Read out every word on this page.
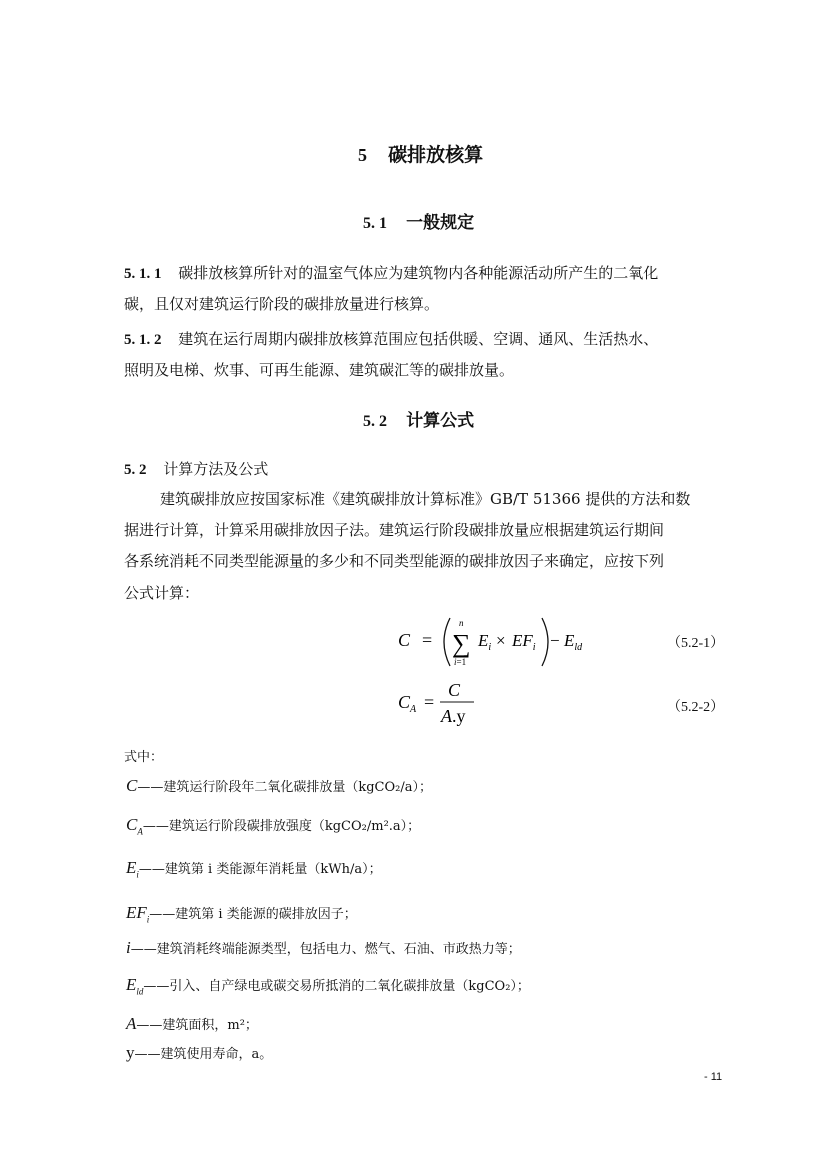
5 碳排放核算
5. 1 一般规定
5. 1. 1 碳排放核算所针对的温室气体应为建筑物内各种能源活动所产生的二氧化
碳，且仅对建筑运行阶段的碳排放量进行核算。
5. 1. 2 建筑在运行周期内碳排放核算范围应包括供暖、空调、通风、生活热水、
照明及电梯、炊事、可再生能源、建筑碳汇等的碳排放量。
5. 2 计算公式
5. 2 计算方法及公式
建筑碳排放应按国家标准《建筑碳排放计算标准》GB/T 51366 提供的方法和数
据进行计算，计算采用碳排放因子法。建筑运行阶段碳排放量应根据建筑运行期间
各系统消耗不同类型能源量的多少和不同类型能源的碳排放因子来确定，应按下列
公式计算：
C =
n
∑
i=1
$E_i \times EF_i - E_{ld}$	（5.2-1）
$C_A$ =
C
A.y	（5.2-2）
式中：
C——建筑运行阶段年二氧化碳排放量（kgCO₂/a）；
$C_A——$建筑运行阶段碳排放强度（kgCO₂/m².a）；
$E_i——$建筑第 i 类能源年消耗量（kWh/a）；
$EF_i——$建筑第 i 类能源的碳排放因子；
i——建筑消耗终端能源类型，包括电力、燃气、石油、市政热力等；
$E_{ld}——$引入、自产绿电或碳交易所抵消的二氧化碳排放量（kgCO₂）；
A——建筑面积，m²；
y——建筑使用寿命，a。
- 11
